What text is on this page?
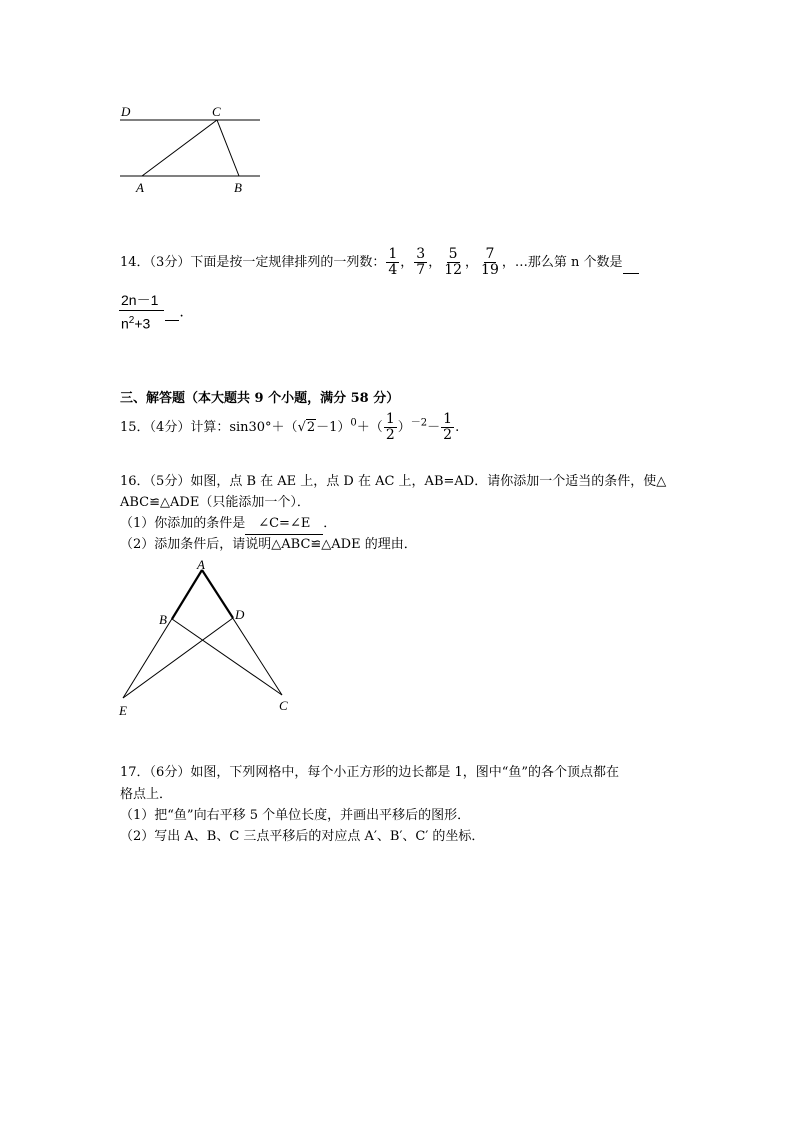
D	C
A	B
14．（3分）下面是按一定规律排列的一列数： $\frac{1}{4}$ ， $\frac{3}{7}$ ， $\frac{5}{12}$ ， $\frac{7}{19}$ ，…那么第 n 个数是
$\frac{2n-1}{n^2+3}$ .
三、解答题（本大题共 9 个小题，满分 58 分）
15．（4分）计算：$\sin 30^\circ+(√2-1)^0+( \frac{1}{2} )^{-2}- \frac{1}{2}$ .
16．（5分）如图，点 B 在 AE 上，点 D 在 AC 上，AB=AD．请你添加一个适当的条件，使△
ABC≌△ADE（只能添加一个）．
（1）你添加的条件是 ∠C=∠E ．
（2）添加条件后，请说明△ABC≌△ADE 的理由．
A
B	D
E	C
17．（6分）如图，下列网格中，每个小正方形的边长都是 1，图中“鱼”的各个顶点都在
格点上．
（1）把“鱼”向右平移 5 个单位长度，并画出平移后的图形．
（2）写出 A、B、C 三点平移后的对应点 A′、B′、C′ 的坐标．
